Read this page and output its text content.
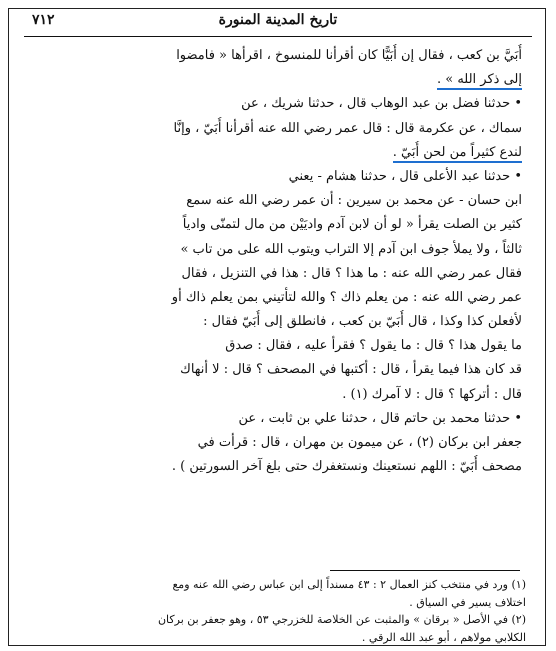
تاريخ المدينة المنورة
٧١٢
أُبَيَّ بن كعب ، فقال إن أُبَيًّا كان أقرأنا للمنسوخ ، اقرأها « فامضوا
إلى ذكر الله » .
• حدثنا فضل بن عبد الوهاب قال ، حدثنا شريك ، عن
سماك ، عن عكرمة قال : قال عمر رضي الله عنه أقرأنا أُبَيّ ، وإنَّا
لندع كثيراً من لحن أُبَيّ .
• حدثنا عبد الأعلى قال ، حدثنا هشام - يعني
ابن حسان - عن محمد بن سيرين : أن عمر رضي الله عنه سمع
كثير بن الصلت يقرأ « لو أن لابن آدم واديَيْن من مال لتمنّى وادياً
ثالثاً ، ولا يملأ جوف ابن آدم إلا التراب ويتوب الله على من تاب »
فقال عمر رضي الله عنه : ما هذا ؟ قال : هذا في التنزيل ، فقال
عمر رضي الله عنه : من يعلم ذاك ؟ والله لتأتيني بمن يعلم ذاك أو
لأفعلن كذا وكذا ، قال أُبَيّ بن كعب ، فانطلق إلى أُبَيّ فقال :
ما يقول هذا ؟ قال : ما يقول ؟ فقرأ عليه ، فقال : صدق
قد كان هذا فيما يقرأ ، قال : أكتبها في المصحف ؟ قال : لا أنهاك
قال : أتركها ؟ قال : لا آمرك (١) .
• حدثنا محمد بن حاتم قال ، حدثنا علي بن ثابت ، عن
جعفر ابن بركان (٢) ، عن ميمون بن مهران ، قال : قرأت في
مصحف أُبَيّ : اللهم نستعينك ونستغفرك حتى بلغ آخر السورتين ) .
(١) ورد في منتخب كنز العمال ٢ : ٤٣ مسنداً إلى ابن عباس رضي الله عنه ومع
اختلاف يسير في السياق .
(٢) في الأصل « برقان » والمثبت عن الخلاصة للخزرجي ٥٣ ، وهو جعفر بن بركان
الكلابي مولاهم ، أبو عبد الله الرقي .
